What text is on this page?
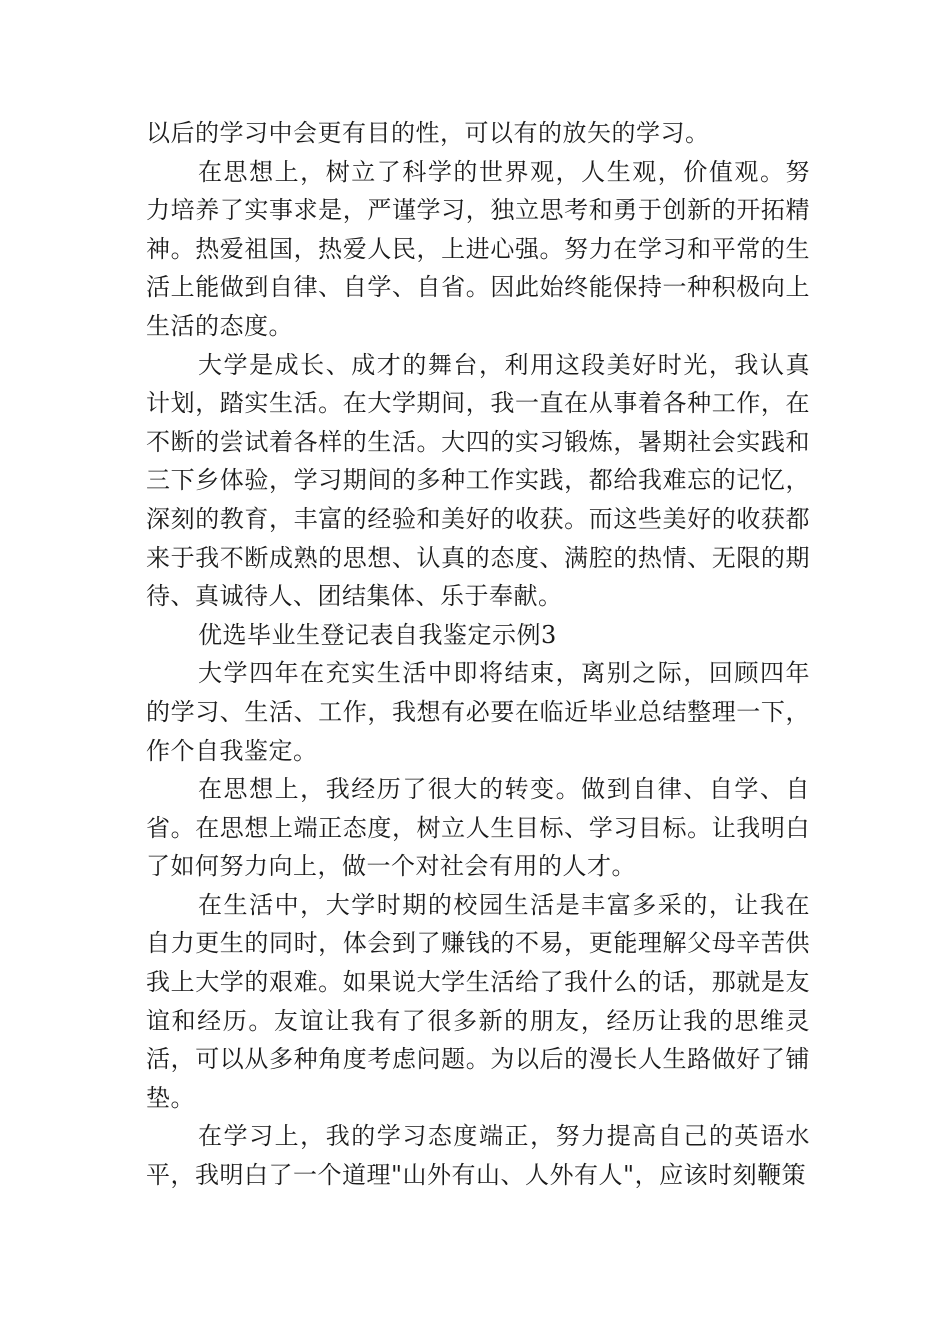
以后的学习中会更有目的性，可以有的放矢的学习。

在思想上，树立了科学的世界观，人生观，价值观。努力培养了实事求是，严谨学习，独立思考和勇于创新的开拓精神。热爱祖国，热爱人民，上进心强。努力在学习和平常的生活上能做到自律、自学、自省。因此始终能保持一种积极向上生活的态度。

大学是成长、成才的舞台，利用这段美好时光，我认真计划，踏实生活。在大学期间，我一直在从事着各种工作，在不断的尝试着各样的生活。大四的实习锻炼，暑期社会实践和三下乡体验，学习期间的多种工作实践，都给我难忘的记忆，深刻的教育，丰富的经验和美好的收获。而这些美好的收获都来于我不断成熟的思想、认真的态度、满腔的热情、无限的期待、真诚待人、团结集体、乐于奉献。

优选毕业生登记表自我鉴定示例3

大学四年在充实生活中即将结束，离别之际，回顾四年的学习、生活、工作，我想有必要在临近毕业总结整理一下，作个自我鉴定。

在思想上，我经历了很大的转变。做到自律、自学、自省。在思想上端正态度，树立人生目标、学习目标。让我明白了如何努力向上，做一个对社会有用的人才。

在生活中，大学时期的校园生活是丰富多采的，让我在自力更生的同时，体会到了赚钱的不易，更能理解父母辛苦供我上大学的艰难。如果说大学生活给了我什么的话，那就是友谊和经历。友谊让我有了很多新的朋友，经历让我的思维灵活，可以从多种角度考虑问题。为以后的漫长人生路做好了铺垫。

在学习上，我的学习态度端正，努力提高自己的英语水平，我明白了一个道理"山外有山、人外有人"，应该时刻鞭策
